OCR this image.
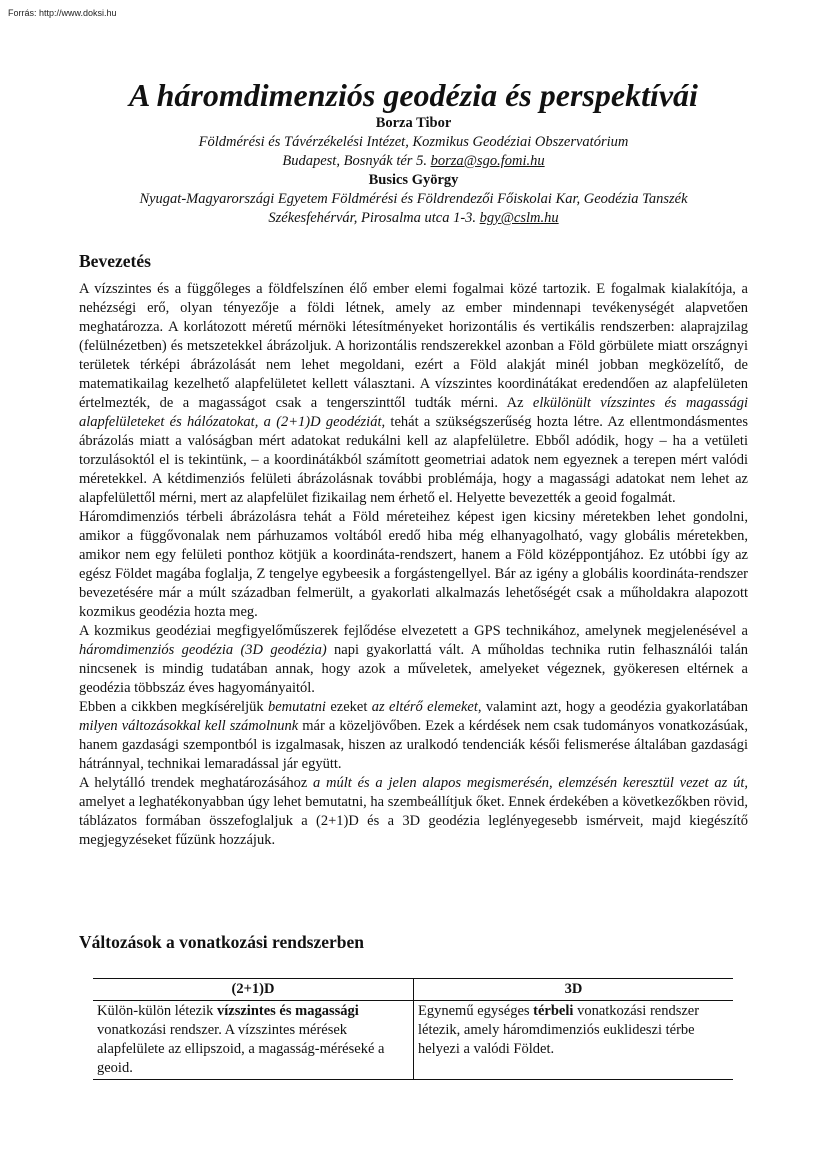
Forrás: http://www.doksi.hu
A háromdimenziós geodézia és perspektívái
Borza Tibor
Földmérési és Távérzékelési Intézet, Kozmikus Geodéziai Obszervatórium
Budapest, Bosnyák tér 5. borza@sgo.fomi.hu
Busics György
Nyugat-Magyarországi Egyetem Földmérési és Földrendezői Főiskolai Kar, Geodézia Tanszék
Székesfehérvár, Pirosalma utca 1-3. bgy@cslm.hu
Bevezetés

A vízszintes és a függőleges a földfelszínen élő ember elemi fogalmai közé tartozik. E fogalmak kialakítója, a nehézségi erő, olyan tényezője a földi létnek, amely az ember mindennapi tevékenységét alapvetően meghatározza. A korlátozott méretű mérnöki létesítményeket horizontális és vertikális rendszerben: alaprajzilag (felülnézetben) és metszetekkel ábrázoljuk. A horizontális rendszerekkel azonban a Föld görbülete miatt országnyi területek térképi ábrázolását nem lehet megoldani, ezért a Föld alakját minél jobban megközelítő, de matematikailag kezelhető alapfelületet kellett választani. A vízszintes koordinátákat eredendően az alapfelületen értelmezték, de a magasságot csak a tengerszinttől tudták mérni. Az elkülönült vízszintes és magassági alapfelületeket és hálózatokat, a (2+1)D geodéziát, tehát a szükségszerűség hozta létre. Az ellentmondásmentes ábrázolás miatt a valóságban mért adatokat redukálni kell az alapfelületre. Ebből adódik, hogy – ha a vetületi torzulásoktól el is tekintünk, – a koordinátákból számított geometriai adatok nem egyeznek a terepen mért valódi méretekkel. A kétdimenziós felületi ábrázolásnak további problémája, hogy a magassági adatokat nem lehet az alapfelülettől mérni, mert az alapfelület fizikailag nem érhető el. Helyette bevezették a geoid fogalmát.

Háromdimenziós térbeli ábrázolásra tehát a Föld méreteihez képest igen kicsiny méretekben lehet gondolni, amikor a függővonalak nem párhuzamos voltából eredő hiba még elhanyagolható, vagy globális méretekben, amikor nem egy felületi ponthoz kötjük a koordináta-rendszert, hanem a Föld középpontjához. Ez utóbbi így az egész Földet magába foglalja, Z tengelye egybeesik a forgástengellyel. Bár az igény a globális koordináta-rendszer bevezetésére már a múlt században felmerült, a gyakorlati alkalmazás lehetőségét csak a műholdakra alapozott kozmikus geodézia hozta meg.

A kozmikus geodéziai megfigyelőműszerek fejlődése elvezetett a GPS technikához, amelynek megjelenésével a háromdimenziós geodézia (3D geodézia) napi gyakorlattá vált. A műholdas technika rutin felhasználói talán nincsenek is mindig tudatában annak, hogy azok a műveletek, amelyeket végeznek, gyökeresen eltérnek a geodézia többszáz éves hagyományaitól.

Ebben a cikkben megkíséreljük bemutatni ezeket az eltérő elemeket, valamint azt, hogy a geodézia gyakorlatában milyen változásokkal kell számolnunk már a közeljövőben. Ezek a kérdések nem csak tudományos vonatkozásúak, hanem gazdasági szempontból is izgalmasak, hiszen az uralkodó tendenciák késői felismerése általában gazdasági hátránnyal, technikai lemaradással jár együtt.

A helytálló trendek meghatározásához a múlt és a jelen alapos megismerésén, elemzésén keresztül vezet az út, amelyet a leghatékonyabban úgy lehet bemutatni, ha szembeállítjuk őket. Ennek érdekében a következőkben rövid, táblázatos formában összefoglaljuk a (2+1)D és a 3D geodézia leglényegesebb ismérveit, majd kiegészítő megjegyzéseket fűzünk hozzájuk.

Változások a vonatkozási rendszerben
(2+1)D	3D
Külön-külön létezik vízszintes és magassági vonatkozási rendszer. A vízszintes mérések alapfelülete az ellipszoid, a magasság-méréseké a geoid.	Egynemű egységes térbeli vonatkozási rendszer létezik, amely háromdimenziós euklideszi térbe helyezi a valódi Földet.
